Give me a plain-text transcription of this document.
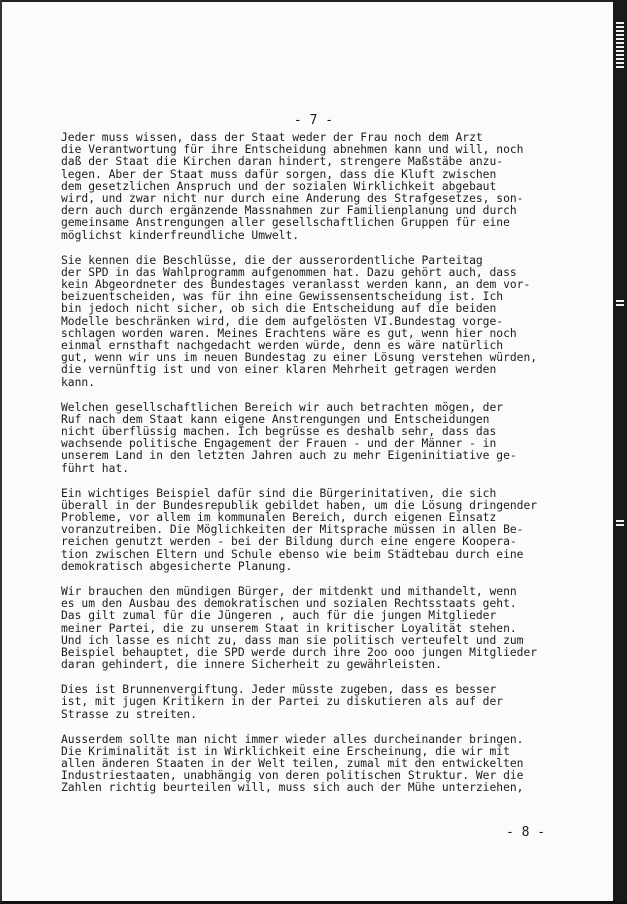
- 7 -
Jeder muss wissen, dass der Staat weder der Frau noch dem Arzt
die Verantwortung für ihre Entscheidung abnehmen kann und will, noch
daß der Staat die Kirchen daran hindert, strengere Maßstäbe anzu-
legen. Aber der Staat muss dafür sorgen, dass die Kluft zwischen
dem gesetzlichen Anspruch und der sozialen Wirklichkeit abgebaut
wird, und zwar nicht nur durch eine Änderung des Strafgesetzes, son-
dern auch durch ergänzende Massnahmen zur Familienplanung und durch
gemeinsame Anstrengungen aller gesellschaftlichen Gruppen für eine
möglichst kinderfreundliche Umwelt.
Sie kennen die Beschlüsse, die der ausserordentliche Parteitag
der SPD in das Wahlprogramm aufgenommen hat. Dazu gehört auch, dass
kein Abgeordneter des Bundestages veranlasst werden kann, an dem vor-
beizuentscheiden, was für ihn eine Gewissensentscheidung ist. Ich
bin jedoch nicht sicher, ob sich die Entscheidung auf die beiden
Modelle beschränken wird, die dem aufgelösten VI.Bundestag vorge-
schlagen worden waren. Meines Erachtens wäre es gut, wenn hier noch
einmal ernsthaft nachgedacht werden würde, denn es wäre natürlich
gut, wenn wir uns im neuen Bundestag zu einer Lösung verstehen würden,
die vernünftig ist und von einer klaren Mehrheit getragen werden
kann.
Welchen gesellschaftlichen Bereich wir auch betrachten mögen, der
Ruf nach dem Staat kann eigene Anstrengungen und Entscheidungen
nicht überflüssig machen. Ich begrüsse es deshalb sehr, dass das
wachsende politische Engagement der Frauen - und der Männer - in
unserem Land in den letzten Jahren auch zu mehr Eigeninitiative ge-
führt hat.
Ein wichtiges Beispiel dafür sind die Bürgerinitativen, die sich
überall in der Bundesrepublik gebildet haben, um die Lösung dringender
Probleme, vor allem im kommunalen Bereich, durch eigenen Einsatz
voranzutreiben. Die Möglichkeiten der Mitsprache müssen in allen Be-
reichen genutzt werden - bei der Bildung durch eine engere Koopera-
tion zwischen Eltern und Schule ebenso wie beim Städtebau durch eine
demokratisch abgesicherte Planung.
Wir brauchen den mündigen Bürger, der mitdenkt und mithandelt, wenn
es um den Ausbau des demokratischen und sozialen Rechtsstaats geht.
Das gilt zumal für die Jüngeren , auch für die jungen Mitglieder
meiner Partei, die zu unserem Staat in kritischer Loyalität stehen.
Und ich lasse es nicht zu, dass man sie politisch verteufelt und zum
Beispiel behauptet, die SPD werde durch ihre 2oo ooo jungen Mitglieder
daran gehindert, die innere Sicherheit zu gewährleisten.
Dies ist Brunnenvergiftung. Jeder müsste zugeben, dass es besser
ist, mit jugen Kritikern in der Partei zu diskutieren als auf der
Strasse zu streiten.
Ausserdem sollte man nicht immer wieder alles durcheinander bringen.
Die Kriminalität ist in Wirklichkeit eine Erscheinung, die wir mit
allen änderen Staaten in der Welt teilen, zumal mit den entwickelten
Industriestaaten, unabhängig von deren politischen Struktur. Wer die
Zahlen richtig beurteilen will, muss sich auch der Mühe unterziehen,
- 8 -
